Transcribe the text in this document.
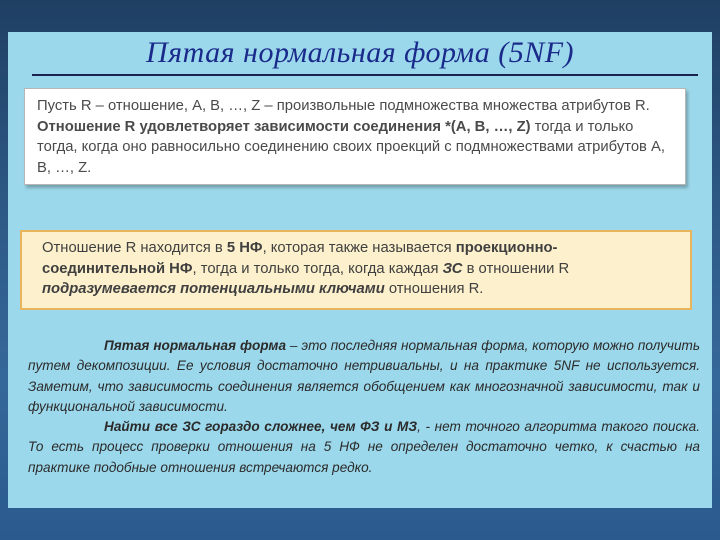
Пятая нормальная форма (5NF)

Пусть R – отношение, A, B, …, Z – произвольные подмножества множества атрибутов R. Отношение R удовлетворяет зависимости соединения *(A, B, …, Z) тогда и только тогда, когда оно равносильно соединению своих проекций с подмножествами атрибутов A, B, …, Z.

Отношение R находится в 5 НФ, которая также называется проекционно-соединительной НФ, тогда и только тогда, когда каждая ЗС в отношении R подразумевается потенциальными ключами отношения R.

Пятая нормальная форма – это последняя нормальная форма, которую можно получить путем декомпозиции. Ее условия достаточно нетривиальны, и на практике 5NF не используется. Заметим, что зависимость соединения является обобщением как многозначной зависимости, так и функциональной зависимости.
Найти все ЗС гораздо сложнее, чем ФЗ и МЗ, - нет точного алгоритма такого поиска. То есть процесс проверки отношения на 5 НФ не определен достаточно четко, к счастью на практике подобные отношения встречаются редко.
